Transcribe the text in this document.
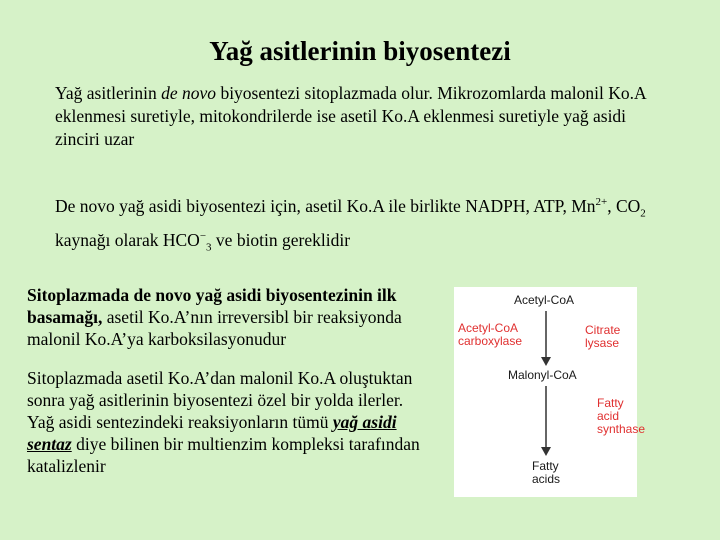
Yağ asitlerinin biyosentezi

Yağ asitlerinin de novo biyosentezi sitoplazmada olur. Mikrozomlarda malonil Ko.A eklenmesi suretiyle, mitokondrilerde ise asetil Ko.A eklenmesi suretiyle yağ asidi zinciri uzar

De novo yağ asidi biyosentezi için, asetil Ko.A ile birlikte NADPH, ATP, $Mn^{2+}$, $CO_2$ kaynağı olarak $HCO^-_3$ ve biotin gereklidir

Sitoplazmada de novo yağ asidi biyosentezinin ilk basamağı, asetil Ko.A’nın irreversibl bir reaksiyonda malonil Ko.A’ya karboksilasyonudur

Sitoplazmada asetil Ko.A’dan malonil Ko.A oluştuktan sonra yağ asitlerinin biyosentezi özel bir yolda ilerler. Yağ asidi sentezindeki reaksiyonların tümü yağ asidi sentaz diye bilinen bir multienzim kompleksi tarafından katalizlenir

Acetyl-CoA
Acetyl-CoA
carboxylase
Citrate
lysase
Malonyl-CoA
Fatty
acid
synthase
Fatty
acids
